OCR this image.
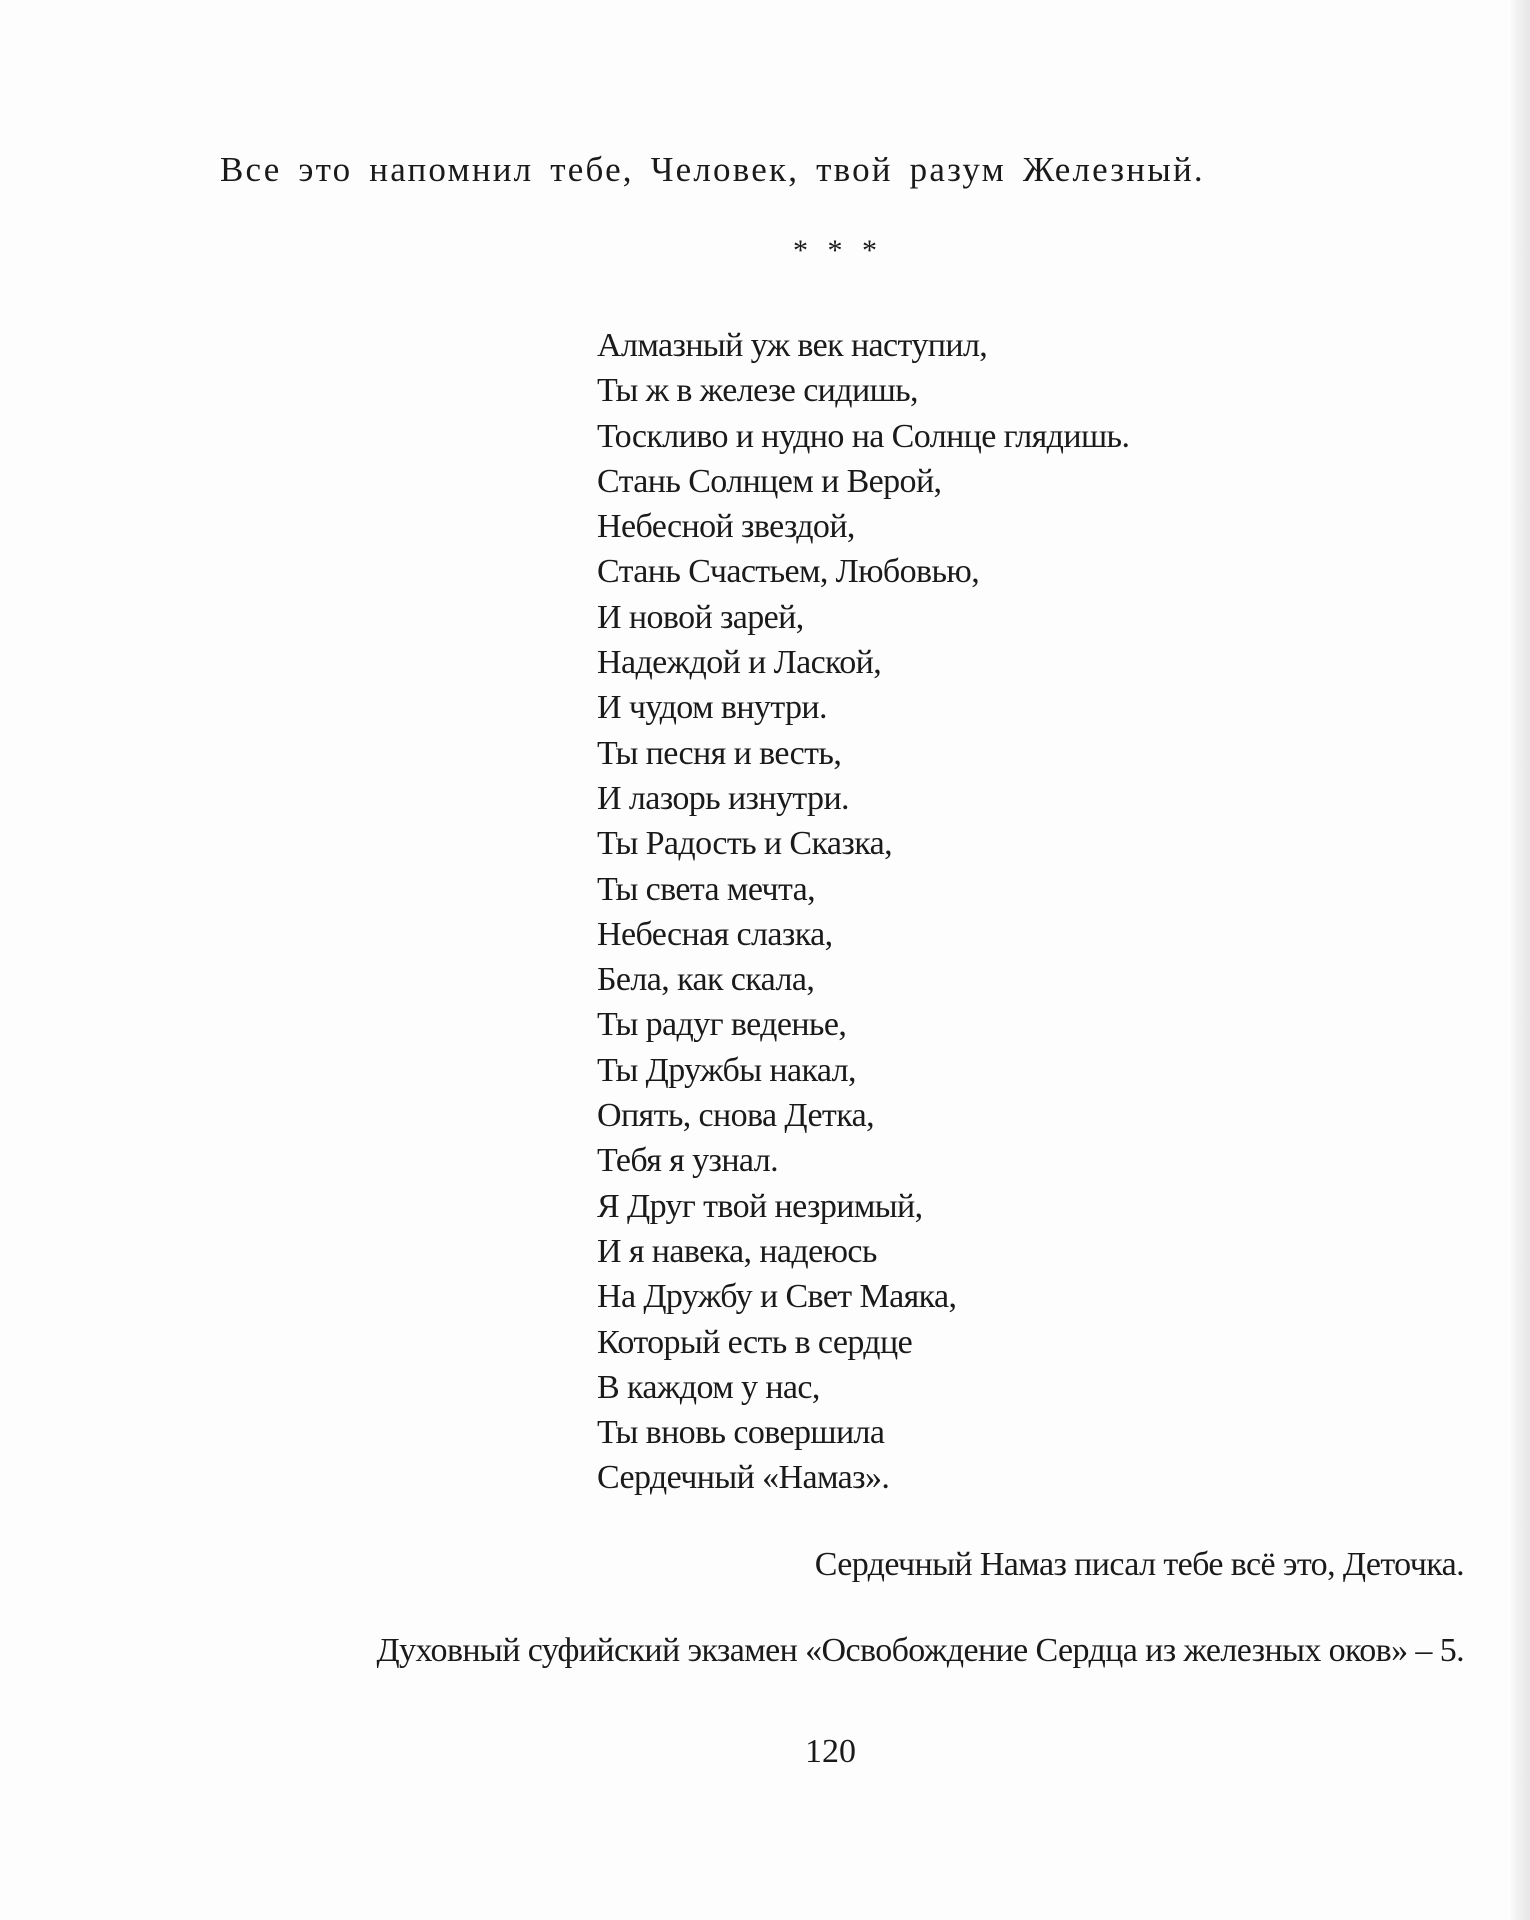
Все это напомнил тебе, Человек, твой разум Железный.
* * *
Алмазный уж век наступил,
Ты ж в железе сидишь,
Тоскливо и нудно на Солнце глядишь.
Стань Солнцем и Верой,
Небесной звездой,
Стань Счастьем, Любовью,
И новой зарей,
Надеждой и Лаской,
И чудом внутри.
Ты песня и весть,
И лазорь изнутри.
Ты Радость и Сказка,
Ты света мечта,
Небесная слазка,
Бела, как скала,
Ты радуг веденье,
Ты Дружбы накал,
Опять, снова Детка,
Тебя я узнал.
Я Друг твой незримый,
И я навека, надеюсь
На Дружбу и Свет Маяка,
Который есть в сердце
В каждом у нас,
Ты вновь совершила
Сердечный «Намаз».
Сердечный Намаз писал тебе всё это, Деточка.
Духовный суфийский экзамен «Освобождение Сердца из железных оков» – 5.
120
